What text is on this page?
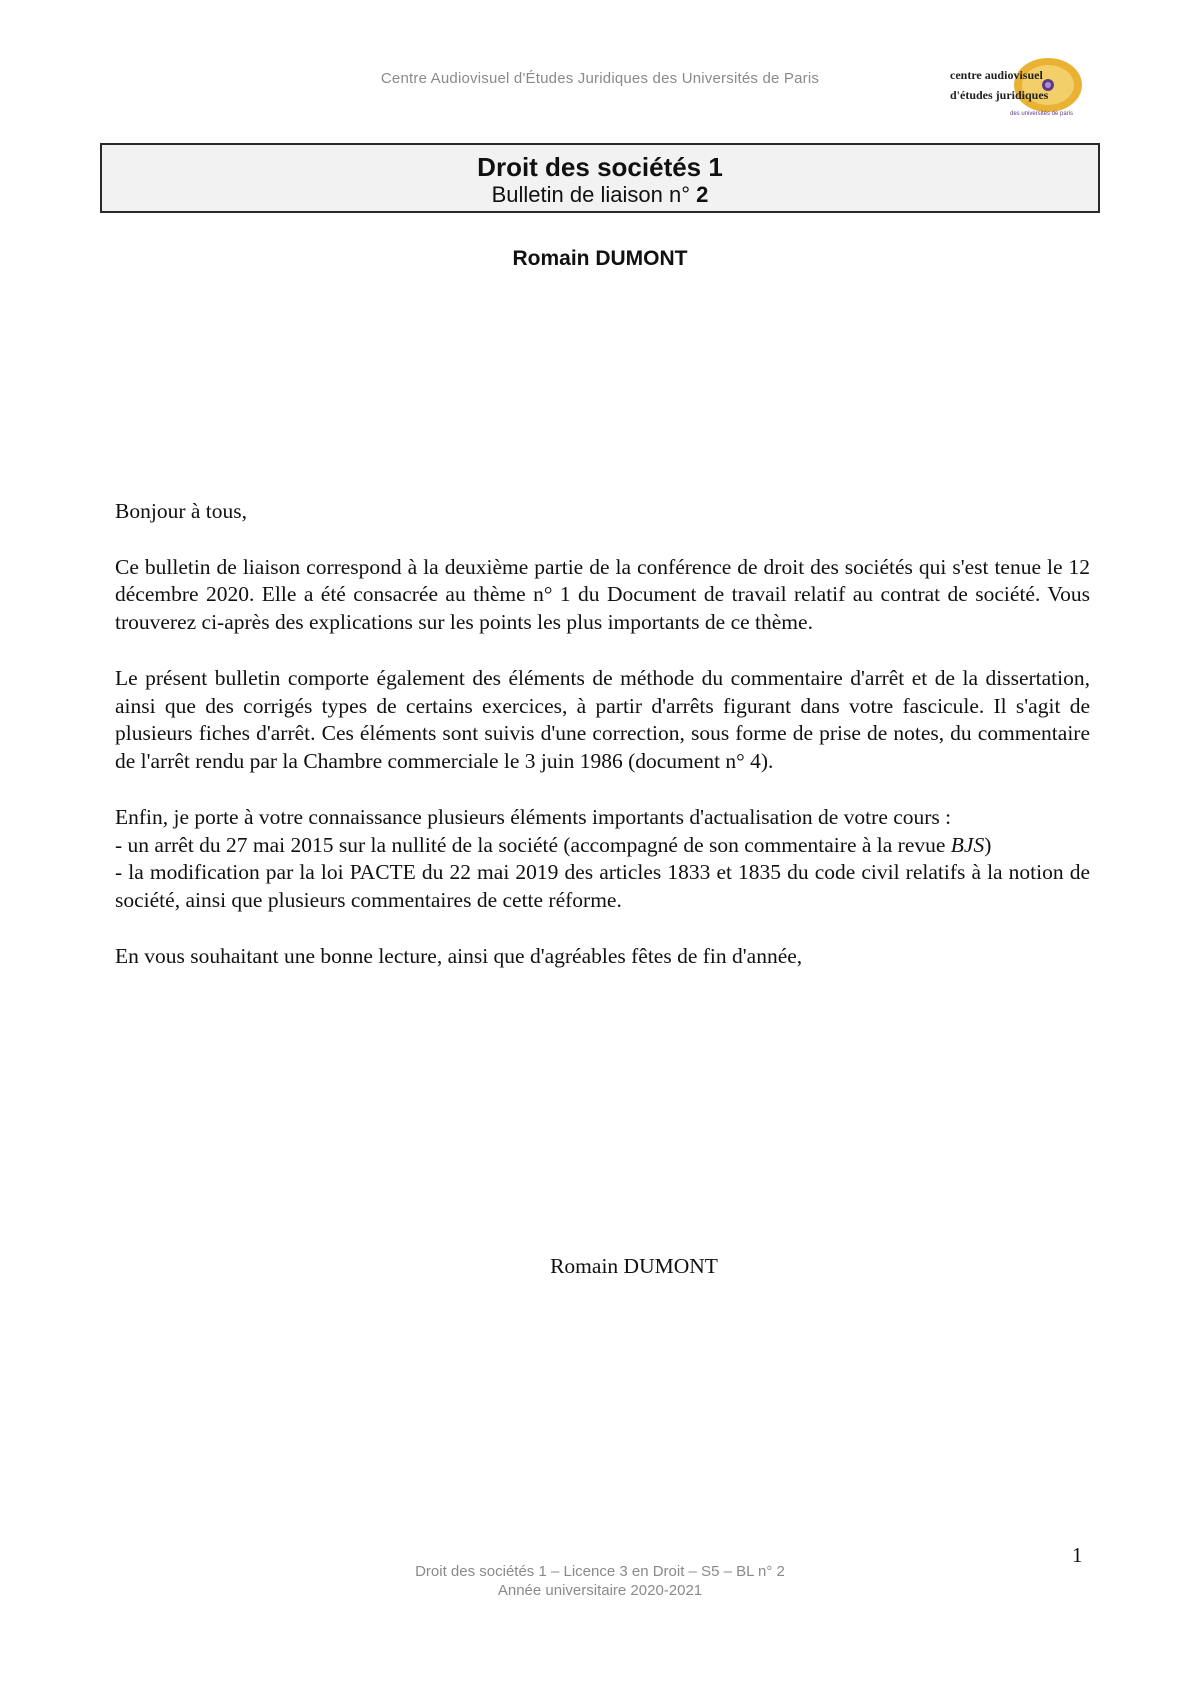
Centre Audiovisuel d'Études Juridiques des Universités de Paris	centre audiovisuel
d'études juridiques
des universités de paris
Droit des sociétés 1
Bulletin de liaison n° 2
Romain DUMONT

Bonjour à tous,

Ce bulletin de liaison correspond à la deuxième partie de la conférence de droit des sociétés qui s'est tenue le 12 décembre 2020. Elle a été consacrée au thème n° 1 du Document de travail relatif au contrat de société. Vous trouverez ci-après des explications sur les points les plus importants de ce thème.

Le présent bulletin comporte également des éléments de méthode du commentaire d'arrêt et de la dissertation, ainsi que des corrigés types de certains exercices, à partir d'arrêts figurant dans votre fascicule. Il s'agit de plusieurs fiches d'arrêt. Ces éléments sont suivis d'une correction, sous forme de prise de notes, du commentaire de l'arrêt rendu par la Chambre commerciale le 3 juin 1986 (document n° 4).

Enfin, je porte à votre connaissance plusieurs éléments importants d'actualisation de votre cours :
- un arrêt du 27 mai 2015 sur la nullité de la société (accompagné de son commentaire à la revue BJS)
- la modification par la loi PACTE du 22 mai 2019 des articles 1833 et 1835 du code civil relatifs à la notion de société, ainsi que plusieurs commentaires de cette réforme.

En vous souhaitant une bonne lecture, ainsi que d'agréables fêtes de fin d'année,

Romain DUMONT
1
Droit des sociétés 1 – Licence 3 en Droit – S5 – BL n° 2
Année universitaire 2020-2021
